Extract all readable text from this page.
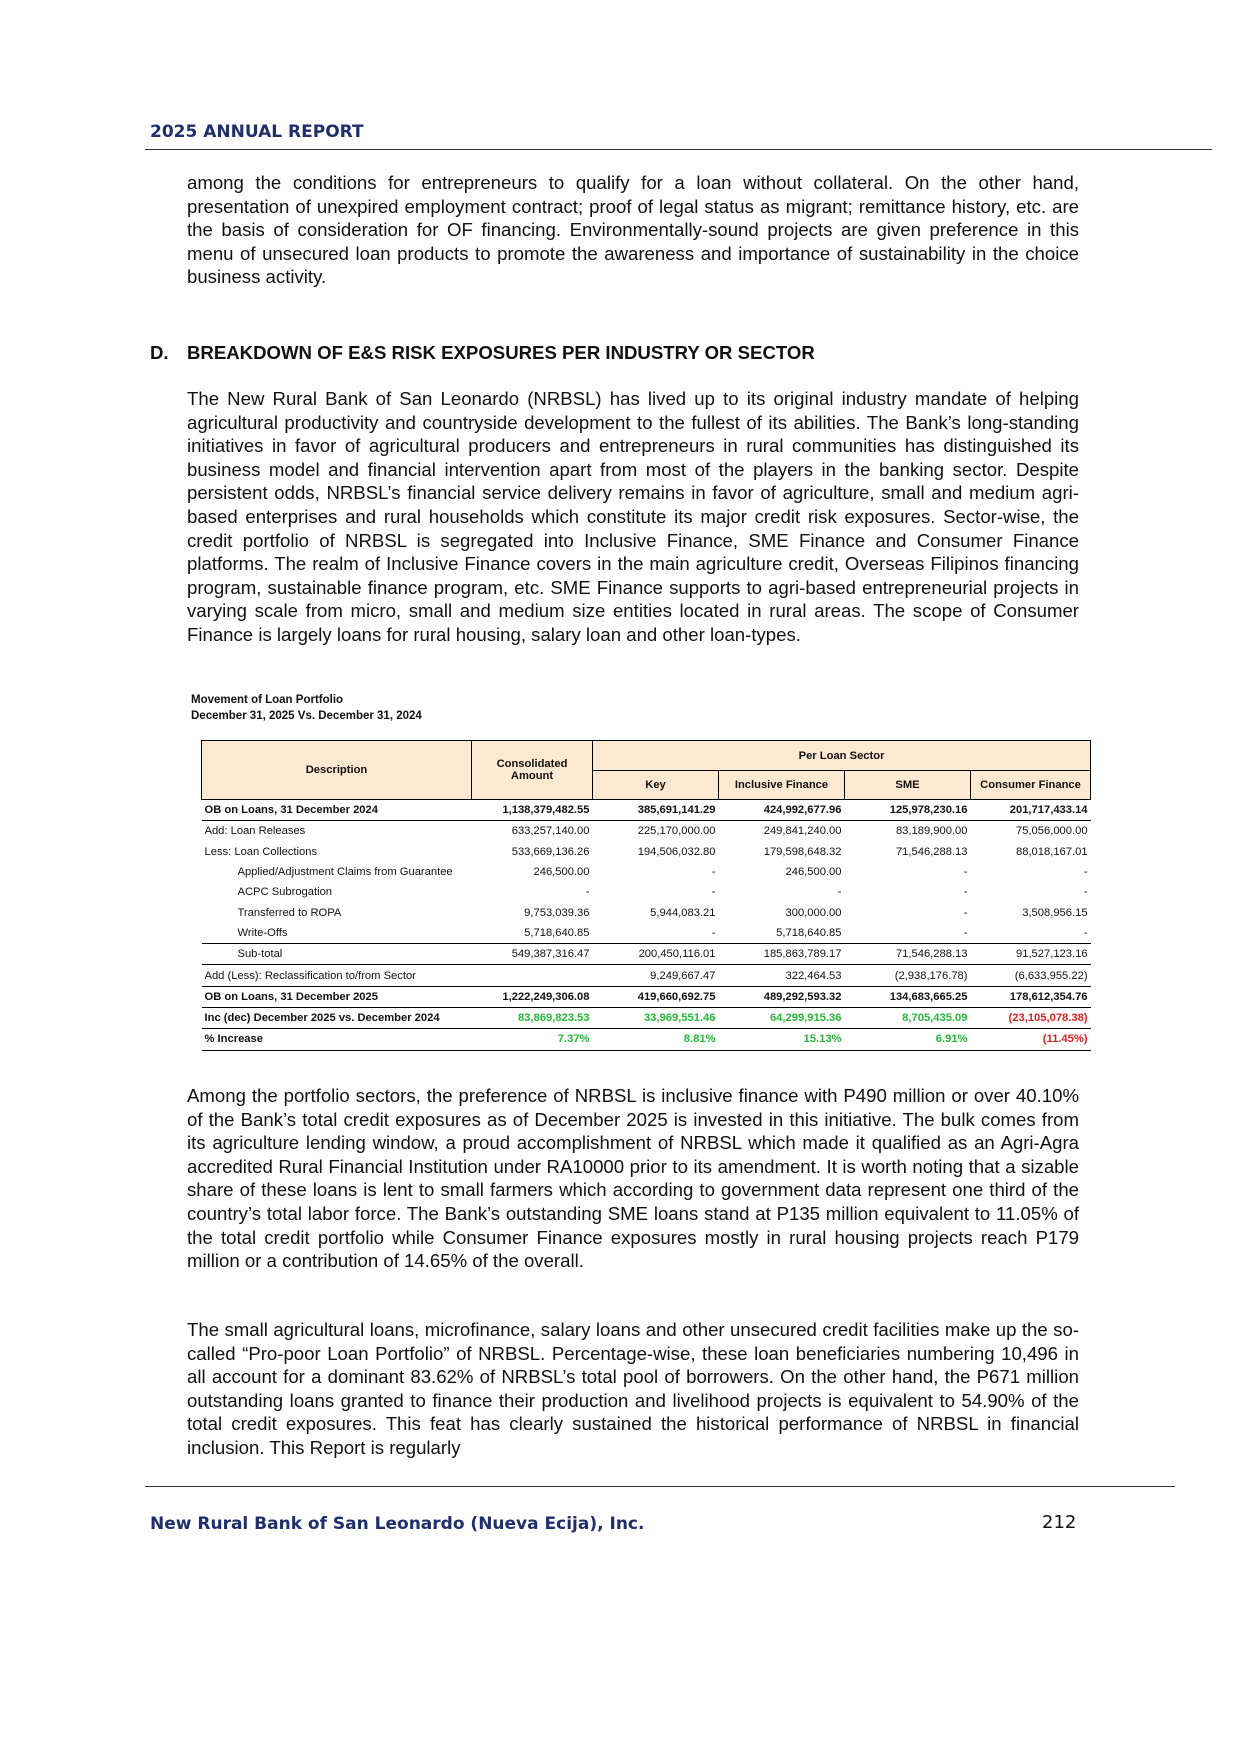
2025 ANNUAL REPORT

among the conditions for entrepreneurs to qualify for a loan without collateral. On the other hand, presentation of unexpired employment contract; proof of legal status as migrant; remittance history, etc. are the basis of consideration for OF financing. Environmentally-sound projects are given preference in this menu of unsecured loan products to promote the awareness and importance of sustainability in the choice business activity.

D. BREAKDOWN OF E&S RISK EXPOSURES PER INDUSTRY OR SECTOR

The New Rural Bank of San Leonardo (NRBSL) has lived up to its original industry mandate of helping agricultural productivity and countryside development to the fullest of its abilities. The Bank’s long-standing initiatives in favor of agricultural producers and entrepreneurs in rural communities has distinguished its business model and financial intervention apart from most of the players in the banking sector. Despite persistent odds, NRBSL’s financial service delivery remains in favor of agriculture, small and medium agri-based enterprises and rural households which constitute its major credit risk exposures. Sector-wise, the credit portfolio of NRBSL is segregated into Inclusive Finance, SME Finance and Consumer Finance platforms. The realm of Inclusive Finance covers in the main agriculture credit, Overseas Filipinos financing program, sustainable finance program, etc. SME Finance supports to agri-based entrepreneurial projects in varying scale from micro, small and medium size entities located in rural areas. The scope of Consumer Finance is largely loans for rural housing, salary loan and other loan-types.

Movement of Loan Portfolio
December 31, 2025 Vs. December 31, 2024
Description	Consolidated Amount	Per Loan Sector			
		Key	Inclusive Finance	SME	Consumer Finance
OB on Loans, 31 December 2024	1,138,379,482.55	385,691,141.29	424,992,677.96	125,978,230.16	201,717,433.14
Add: Loan Releases	633,257,140.00	225,170,000.00	249,841,240.00	83,189,900.00	75,056,000.00
Less: Loan Collections	533,669,136.26	194,506,032.80	179,598,648.32	71,546,288.13	88,018,167.01
Applied/Adjustment Claims from Guarantee	246,500.00	-	246,500.00	-	-
ACPC Subrogation	-	-	-	-	-
Transferred to ROPA	9,753,039.36	5,944,083.21	300,000.00	-	3,508,956.15
Write-Offs	5,718,640.85	-	5,718,640.85	-	-
Sub-total	549,387,316.47	200,450,116.01	185,863,789.17	71,546,288.13	91,527,123.16
Add (Less): Reclassification to/from Sector		9,249,667.47	322,464.53	(2,938,176.78)	(6,633,955.22)
OB on Loans, 31 December 2025	1,222,249,306.08	419,660,692.75	489,292,593.32	134,683,665.25	178,612,354.76
Inc (dec) December 2025 vs. December 2024	83,869,823.53	33,969,551.46	64,299,915.36	8,705,435.09	(23,105,078.38)
% Increase	7.37%	8.81%	15.13%	6.91%	(11.45%)

Among the portfolio sectors, the preference of NRBSL is inclusive finance with P490 million or over 40.10% of the Bank’s total credit exposures as of December 2025 is invested in this initiative. The bulk comes from its agriculture lending window, a proud accomplishment of NRBSL which made it qualified as an Agri-Agra accredited Rural Financial Institution under RA10000 prior to its amendment. It is worth noting that a sizable share of these loans is lent to small farmers which according to government data represent one third of the country’s total labor force. The Bank’s outstanding SME loans stand at P135 million equivalent to 11.05% of the total credit portfolio while Consumer Finance exposures mostly in rural housing projects reach P179 million or a contribution of 14.65% of the overall.

The small agricultural loans, microfinance, salary loans and other unsecured credit facilities make up the so-called “Pro-poor Loan Portfolio” of NRBSL. Percentage-wise, these loan beneficiaries numbering 10,496 in all account for a dominant 83.62% of NRBSL’s total pool of borrowers. On the other hand, the P671 million outstanding loans granted to finance their production and livelihood projects is equivalent to 54.90% of the total credit exposures. This feat has clearly sustained the historical performance of NRBSL in financial inclusion. This Report is regularly

New Rural Bank of San Leonardo (Nueva Ecija), Inc.	212
